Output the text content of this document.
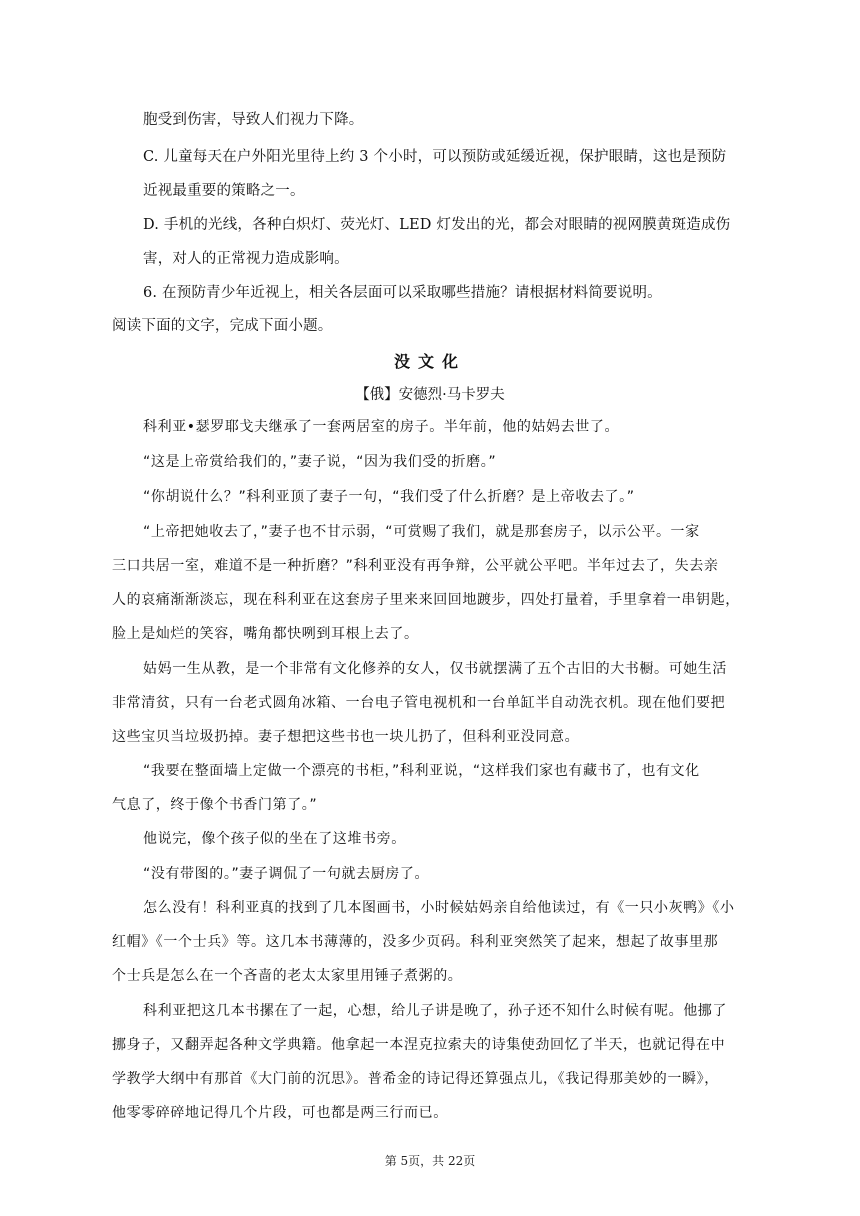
胞受到伤害，导致人们视力下降。
C. 儿童每天在户外阳光里待上约 3 个小时，可以预防或延缓近视，保护眼睛，这也是预防
近视最重要的策略之一。
D. 手机的光线，各种白炽灯、荧光灯、LED 灯发出的光，都会对眼睛的视网膜黄斑造成伤
害，对人的正常视力造成影响。
6. 在预防青少年近视上，相关各层面可以采取哪些措施？请根据材料简要说明。
阅读下面的文字，完成下面小题。
没文化
【俄】安德烈·马卡罗夫
科利亚•瑟罗耶戈夫继承了一套两居室的房子。半年前，他的姑妈去世了。
“这是上帝赏给我们的，”妻子说，“因为我们受的折磨。”
“你胡说什么？”科利亚顶了妻子一句，“我们受了什么折磨？是上帝收去了。”
“上帝把她收去了，”妻子也不甘示弱，“可赏赐了我们，就是那套房子，以示公平。一家
三口共居一室，难道不是一种折磨？”科利亚没有再争辩，公平就公平吧。半年过去了，失去亲
人的哀痛渐渐淡忘，现在科利亚在这套房子里来来回回地踱步，四处打量着，手里拿着一串钥匙，
脸上是灿烂的笑容，嘴角都快咧到耳根上去了。
姑妈一生从教，是一个非常有文化修养的女人，仅书就摆满了五个古旧的大书橱。可她生活
非常清贫，只有一台老式圆角冰箱、一台电子管电视机和一台单缸半自动洗衣机。现在他们要把
这些宝贝当垃圾扔掉。妻子想把这些书也一块儿扔了，但科利亚没同意。
“我要在整面墙上定做一个漂亮的书柜，”科利亚说，“这样我们家也有藏书了，也有文化
气息了，终于像个书香门第了。”
他说完，像个孩子似的坐在了这堆书旁。
“没有带图的。”妻子调侃了一句就去厨房了。
怎么没有！科利亚真的找到了几本图画书，小时候姑妈亲自给他读过，有《一只小灰鸭》《小
红帽》《一个士兵》等。这几本书薄薄的，没多少页码。科利亚突然笑了起来，想起了故事里那
个士兵是怎么在一个吝啬的老太太家里用锤子煮粥的。
科利亚把这几本书摞在了一起，心想，给儿子讲是晚了，孙子还不知什么时候有呢。他挪了
挪身子，又翻弄起各种文学典籍。他拿起一本涅克拉索夫的诗集使劲回忆了半天，也就记得在中
学教学大纲中有那首《大门前的沉思》。普希金的诗记得还算强点儿，《我记得那美妙的一瞬》，
他零零碎碎地记得几个片段，可也都是两三行而已。
第 5页，共 22页
